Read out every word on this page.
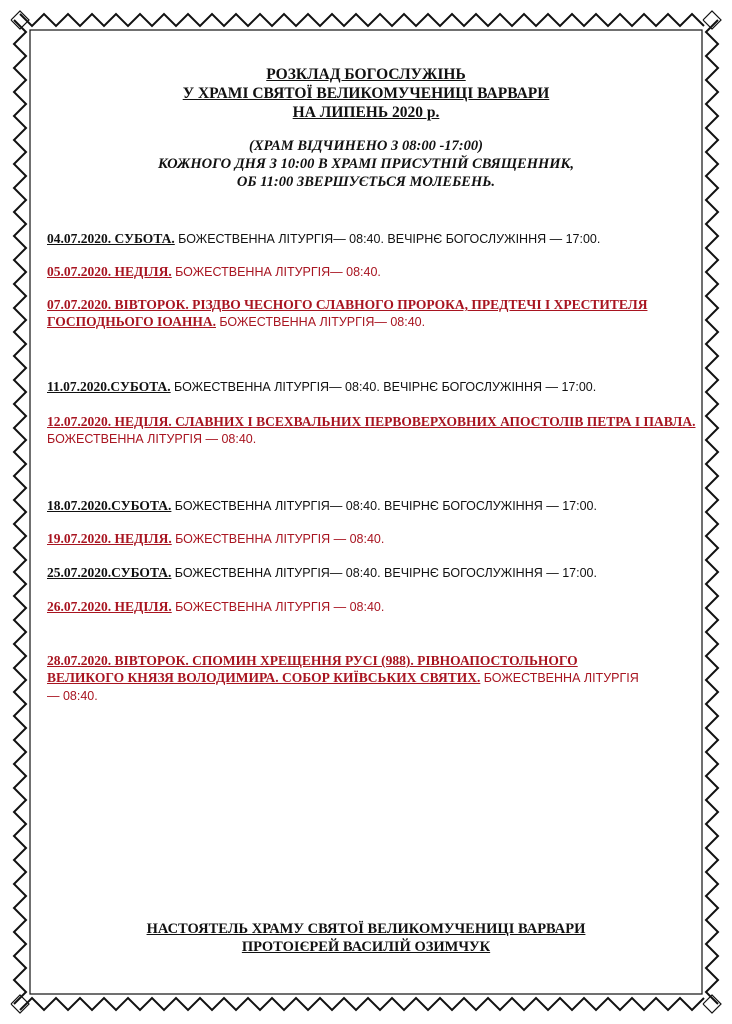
РОЗКЛАД БОГОСЛУЖІНЬ
У ХРАМІ СВЯТОЇ ВЕЛИКОМУЧЕНИЦІ ВАРВАРИ
НА ЛИПЕНЬ 2020 р.
(ХРАМ ВІДЧИНЕНО З 08:00 -17:00)
КОЖНОГО ДНЯ З 10:00 В ХРАМІ ПРИСУТНІЙ СВЯЩЕННИК,
ОБ 11:00 ЗВЕРШУЄТЬСЯ МОЛЕБЕНЬ.
04.07.2020. СУБОТА. БОЖЕСТВЕННА ЛІТУРГІЯ— 08:40. ВЕЧІРНЄ БОГОСЛУЖІННЯ — 17:00.
05.07.2020. НЕДІЛЯ. БОЖЕСТВЕННА ЛІТУРГІЯ— 08:40.
07.07.2020. ВІВТОРОК. РІЗДВО ЧЕСНОГО СЛАВНОГО ПРОРОКА, ПРЕДТЕЧІ І ХРЕСТИТЕЛЯ ГОСПОДНЬОГО ІОАННА. БОЖЕСТВЕННА ЛІТУРГІЯ— 08:40.
11.07.2020.СУБОТА. БОЖЕСТВЕННА ЛІТУРГІЯ— 08:40. ВЕЧІРНЄ БОГОСЛУЖІННЯ — 17:00.
12.07.2020. НЕДІЛЯ. СЛАВНИХ І ВСЕХВАЛЬНИХ ПЕРВОВЕРХОВНИХ АПОСТОЛІВ ПЕТРА І ПАВЛА. БОЖЕСТВЕННА ЛІТУРГІЯ — 08:40.
18.07.2020.СУБОТА. БОЖЕСТВЕННА ЛІТУРГІЯ— 08:40. ВЕЧІРНЄ БОГОСЛУЖІННЯ — 17:00.
19.07.2020. НЕДІЛЯ. БОЖЕСТВЕННА ЛІТУРГІЯ — 08:40.
25.07.2020.СУБОТА. БОЖЕСТВЕННА ЛІТУРГІЯ— 08:40. ВЕЧІРНЄ БОГОСЛУЖІННЯ — 17:00.
26.07.2020. НЕДІЛЯ. БОЖЕСТВЕННА ЛІТУРГІЯ — 08:40.
28.07.2020. ВІВТОРОК. СПОМИН ХРЕЩЕННЯ РУСІ (988). РІВНОАПОСТОЛЬНОГО ВЕЛИКОГО КНЯЗЯ ВОЛОДИМИРА. СОБОР КИЇВСЬКИХ СВЯТИХ. БОЖЕСТВЕННА ЛІТУРГІЯ— 08:40.
НАСТОЯТЕЛЬ ХРАМУ СВЯТОЇ ВЕЛИКОМУЧЕНИЦІ ВАРВАРИ
ПРОТОІЄРЕЙ ВАСИЛІЙ ОЗИМЧУК
